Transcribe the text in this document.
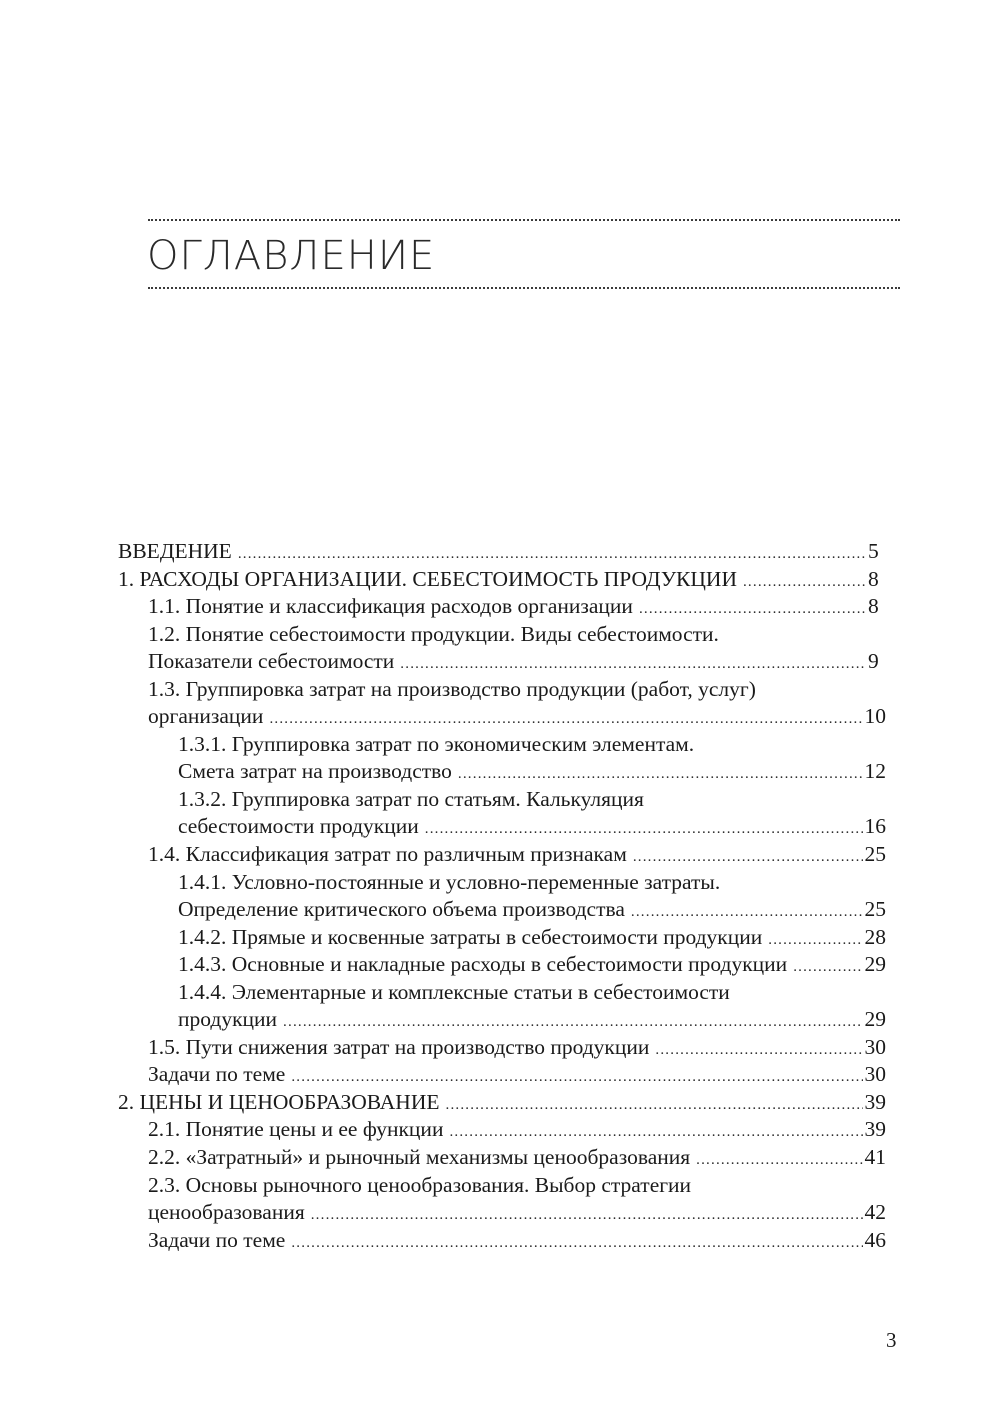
ОГЛАВЛЕНИЕ
ВВЕДЕНИЕ .....	5
1. РАСХОДЫ ОРГАНИЗАЦИИ. СЕБЕСТОИМОСТЬ ПРОДУКЦИИ .....	8
1.1. Понятие и классификация расходов организации .....	8
1.2. Понятие себестоимости продукции. Виды себестоимости.
Показатели себестоимости .....	9
1.3. Группировка затрат на производство продукции (работ, услуг)
организации .....	10
1.3.1. Группировка затрат по экономическим элементам.
Смета затрат на производство .....	12
1.3.2. Группировка затрат по статьям. Калькуляция
себестоимости продукции .....	16
1.4. Классификация затрат по различным признакам .....	25
1.4.1. Условно-постоянные и условно-переменные затраты.
Определение критического объема производства .....	25
1.4.2. Прямые и косвенные затраты в себестоимости продукции .....	28
1.4.3. Основные и накладные расходы в себестоимости продукции .....	29
1.4.4. Элементарные и комплексные статьи в себестоимости
продукции .....	29
1.5. Пути снижения затрат на производство продукции .....	30
Задачи по теме .....	30
2. ЦЕНЫ И ЦЕНООБРАЗОВАНИЕ .....	39
2.1. Понятие цены и ее функции .....	39
2.2. «Затратный» и рыночный механизмы ценообразования .....	41
2.3. Основы рыночного ценообразования. Выбор стратегии
ценообразования .....	42
Задачи по теме .....	46
3
